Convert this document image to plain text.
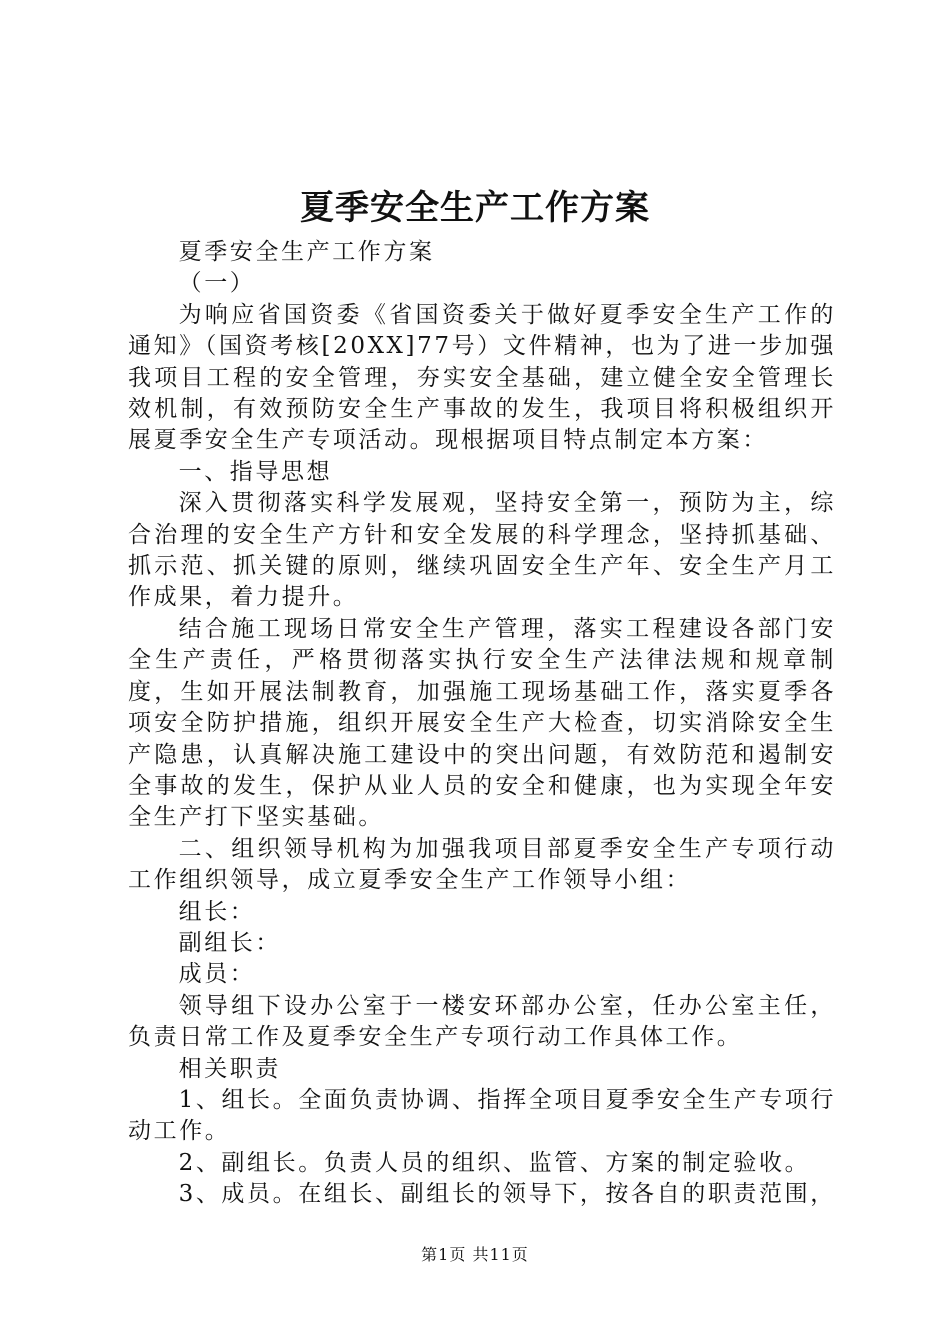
夏季安全生产工作方案

夏季安全生产工作方案

（一）

为响应省国资委《省国资委关于做好夏季安全生产工作的通知》（国资考核[20XX]77号）文件精神，也为了进一步加强我项目工程的安全管理，夯实安全基础，建立健全安全管理长效机制，有效预防安全生产事故的发生，我项目将积极组织开展夏季安全生产专项活动。现根据项目特点制定本方案：

一、指导思想

深入贯彻落实科学发展观，坚持安全第一，预防为主，综合治理的安全生产方针和安全发展的科学理念，坚持抓基础、抓示范、抓关键的原则，继续巩固安全生产年、安全生产月工作成果，着力提升。

结合施工现场日常安全生产管理，落实工程建设各部门安全生产责任，严格贯彻落实执行安全生产法律法规和规章制度，生如开展法制教育，加强施工现场基础工作，落实夏季各项安全防护措施，组织开展安全生产大检查，切实消除安全生产隐患，认真解决施工建设中的突出问题，有效防范和遏制安全事故的发生，保护从业人员的安全和健康，也为实现全年安全生产打下坚实基础。

二、组织领导机构为加强我项目部夏季安全生产专项行动工作组织领导，成立夏季安全生产工作领导小组：

组长：

副组长：

成员：

领导组下设办公室于一楼安环部办公室，任办公室主任，负责日常工作及夏季安全生产专项行动工作具体工作。

相关职责

1、组长。全面负责协调、指挥全项目夏季安全生产专项行动工作。

2、副组长。负责人员的组织、监管、方案的制定验收。

3、成员。在组长、副组长的领导下，按各自的职责范围，

第1页 共11页
